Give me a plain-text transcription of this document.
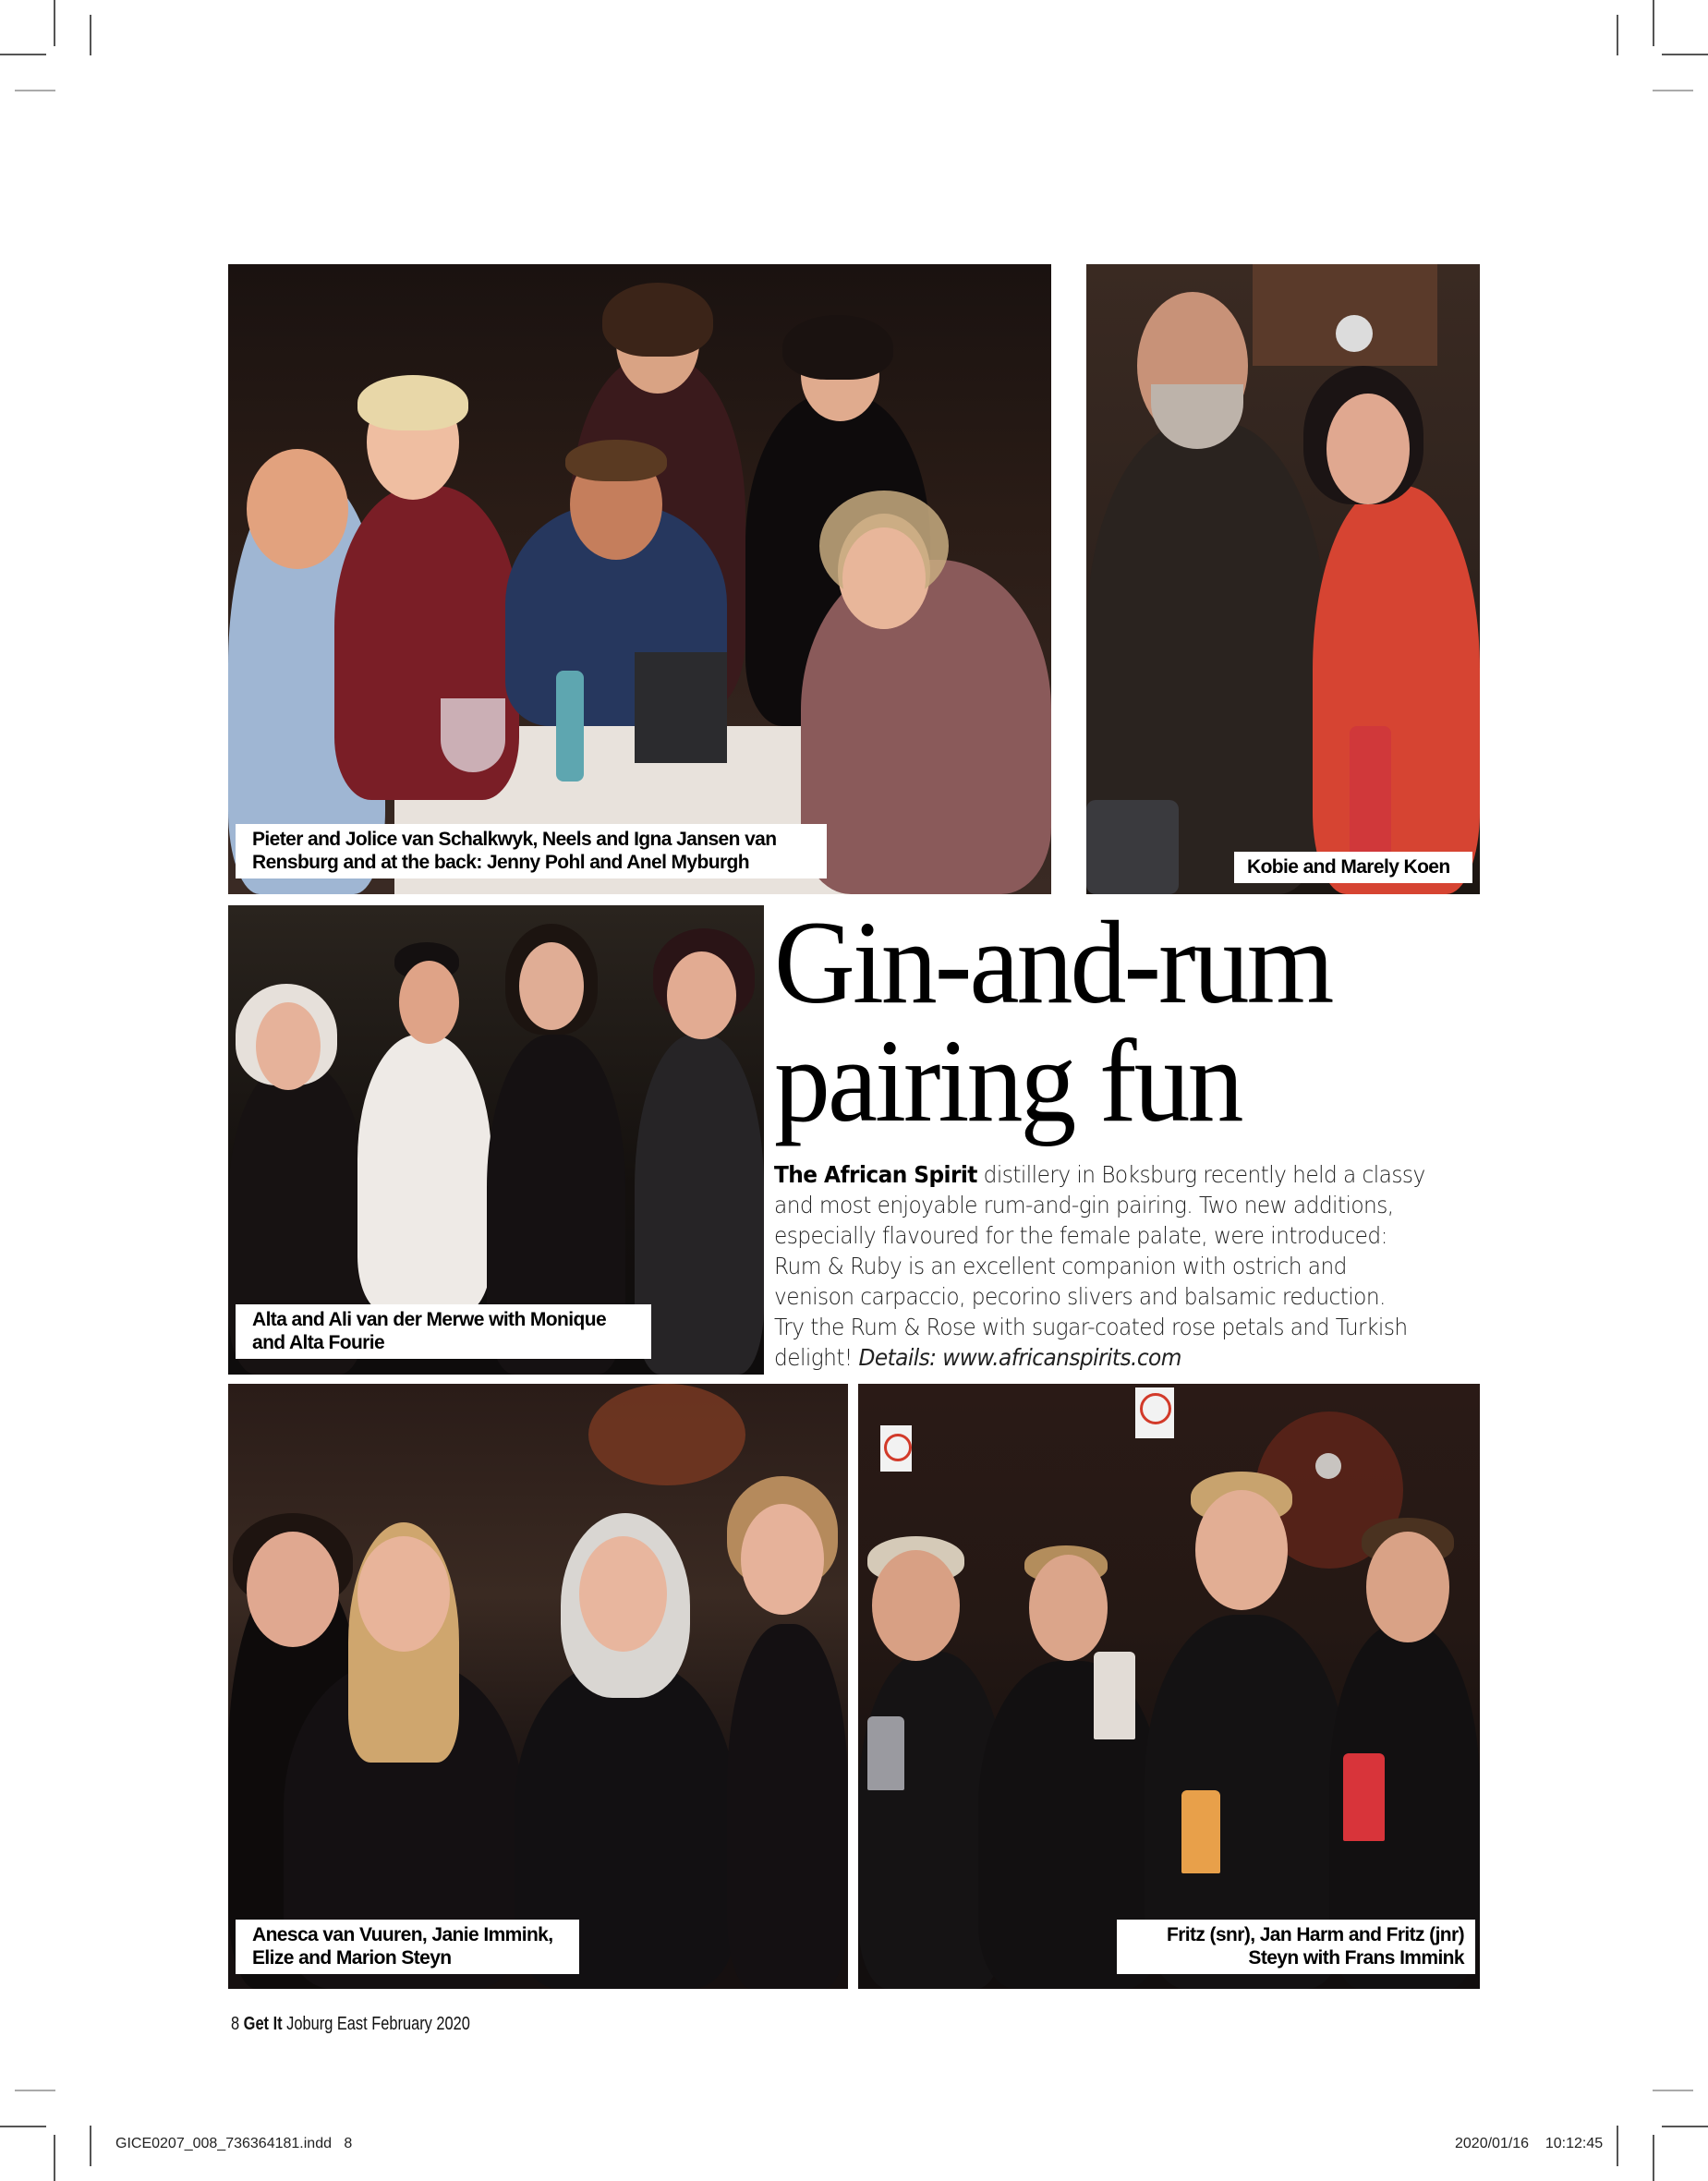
Pieter and Jolice van Schalkwyk, Neels and Igna Jansen van
Rensburg and at the back: Jenny Pohl and Anel Myburgh	Kobie and Marely Koen
Alta and Ali van der Merwe with Monique
and Alta Fourie
Gin-and-rum
pairing fun
The African Spirit distillery in Boksburg recently held a classy
and most enjoyable rum-and-gin pairing. Two new additions,
especially flavoured for the female palate, were introduced:
Rum & Ruby is an excellent companion with ostrich and
venison carpaccio, pecorino slivers and balsamic reduction.
Try the Rum & Rose with sugar-coated rose petals and Turkish
delight! Details: www.africanspirits.com
Anesca van Vuuren, Janie Immink,
Elize and Marion Steyn
Fritz (snr), Jan Harm and Fritz (jnr)
Steyn with Frans Immink
8 Get It Joburg East February 2020
GICE0207_008_736364181.indd 8	2020/01/16 10:12:45
